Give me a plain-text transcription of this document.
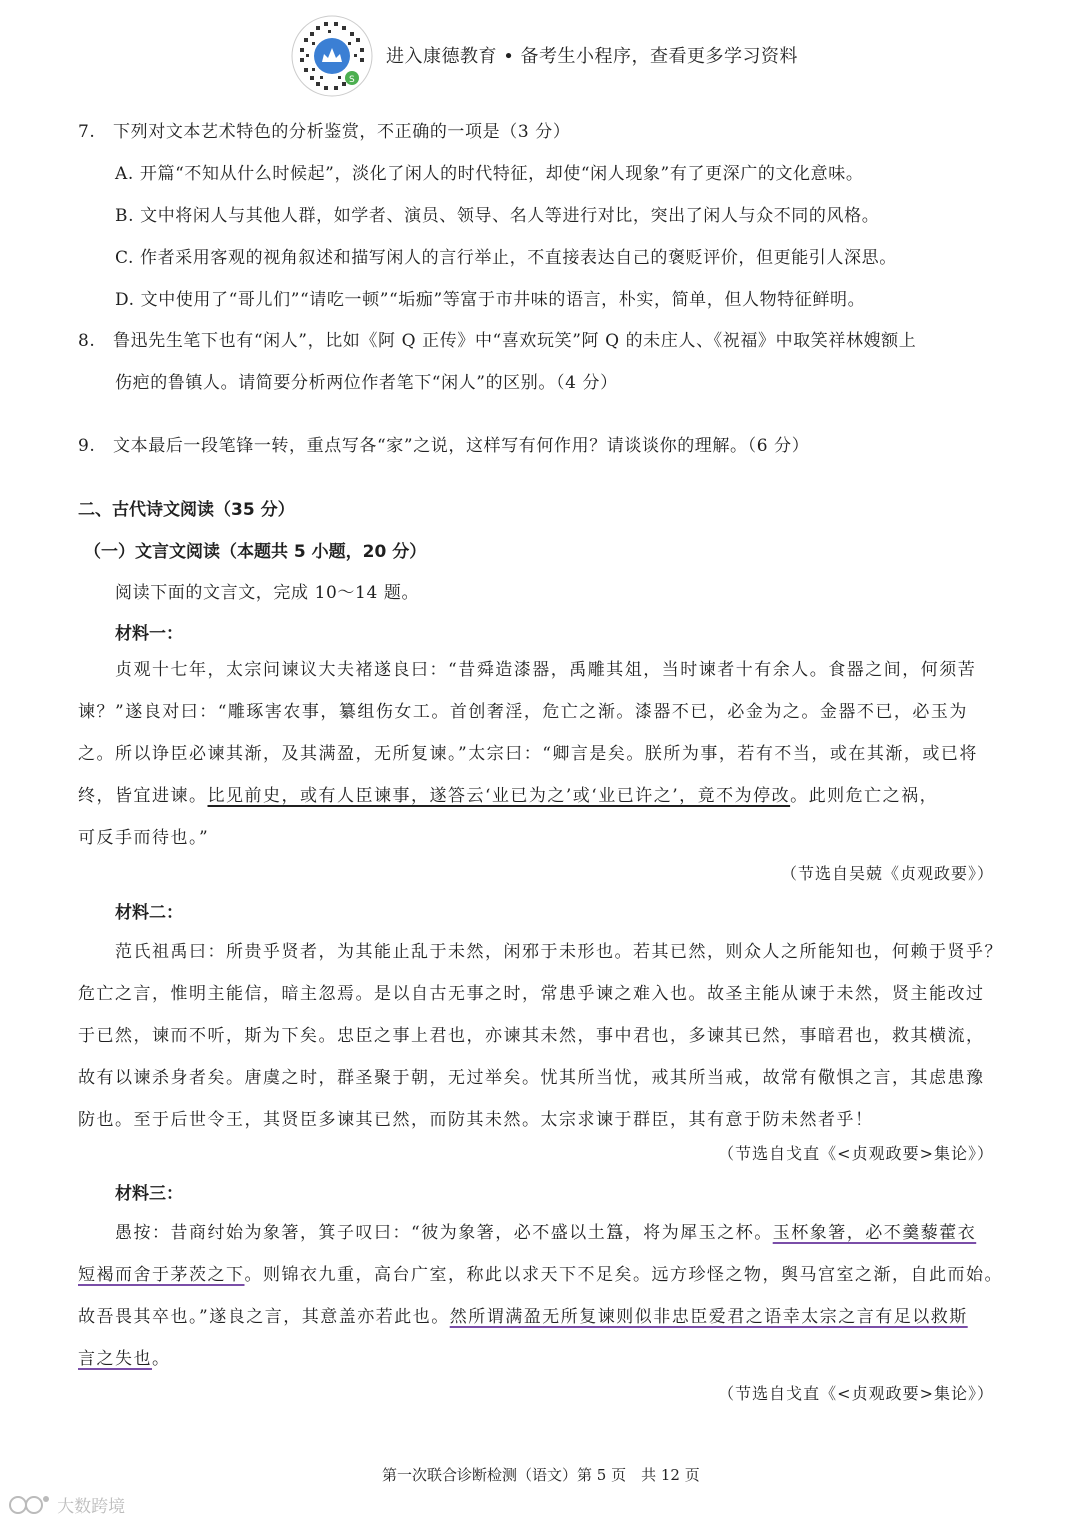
S
进入康德教育 • 备考生小程序，查看更多学习资料
7.　下列对文本艺术特色的分析鉴赏，不正确的一项是（3 分）
A. 开篇“不知从什么时候起”，淡化了闲人的时代特征，却使“闲人现象”有了更深广的文化意味。
B. 文中将闲人与其他人群，如学者、演员、领导、名人等进行对比，突出了闲人与众不同的风格。
C. 作者采用客观的视角叙述和描写闲人的言行举止，不直接表达自己的褒贬评价，但更能引人深思。
D. 文中使用了“哥儿们”“请吃一顿”“垢痂”等富于市井味的语言，朴实，简单，但人物特征鲜明。
8.　鲁迅先生笔下也有“闲人”，比如《阿 Q 正传》中“喜欢玩笑”阿 Q 的未庄人、《祝福》中取笑祥林嫂额上
伤疤的鲁镇人。请简要分析两位作者笔下“闲人”的区别。（4 分）
9.　文本最后一段笔锋一转，重点写各“家”之说，这样写有何作用？请谈谈你的理解。（6 分）
二、古代诗文阅读（35 分）
（一）文言文阅读（本题共 5 小题，20 分）
阅读下面的文言文，完成 10～14 题。
材料一：
贞观十七年，太宗问谏议大夫褚遂良曰：“昔舜造漆器，禹雕其俎，当时谏者十有余人。食器之间，何须苦
谏？”遂良对曰：“雕琢害农事，纂组伤女工。首创奢淫，危亡之渐。漆器不已，必金为之。金器不已，必玉为
之。所以诤臣必谏其渐，及其满盈，无所复谏。”太宗曰：“卿言是矣。朕所为事，若有不当，或在其渐，或已将
终，皆宜进谏。比见前史，或有人臣谏事，遂答云‘业已为之’或‘业已许之’，竟不为停改。此则危亡之祸，
可反手而待也。”
（节选自吴兢《贞观政要》）
材料二：
范氏祖禹曰：所贵乎贤者，为其能止乱于未然，闲邪于未形也。若其已然，则众人之所能知也，何赖于贤乎？
危亡之言，惟明主能信，暗主忽焉。是以自古无事之时，常患乎谏之难入也。故圣主能从谏于未然，贤主能改过
于已然，谏而不听，斯为下矣。忠臣之事上君也，亦谏其未然，事中君也，多谏其已然，事暗君也，救其横流，
故有以谏杀身者矣。唐虞之时，群圣聚于朝，无过举矣。忧其所当忧，戒其所当戒，故常有儆惧之言，其虑患豫
防也。至于后世令王，其贤臣多谏其已然，而防其未然。太宗求谏于群臣，其有意于防未然者乎！
（节选自戈直《<贞观政要>集论》）
材料三：
愚按：昔商纣始为象箸，箕子叹曰：“彼为象箸，必不盛以土簋，将为犀玉之杯。玉杯象箸，必不羹藜藿衣
短褐而舍于茅茨之下。则锦衣九重，高台广室，称此以求天下不足矣。远方珍怪之物，舆马宫室之渐，自此而始。
故吾畏其卒也。”遂良之言，其意盖亦若此也。然所谓满盈无所复谏则似非忠臣爱君之语幸太宗之言有足以救斯
言之失也。
（节选自戈直《<贞观政要>集论》）
第一次联合诊断检测（语文）第 5 页　共 12 页
大数跨境
